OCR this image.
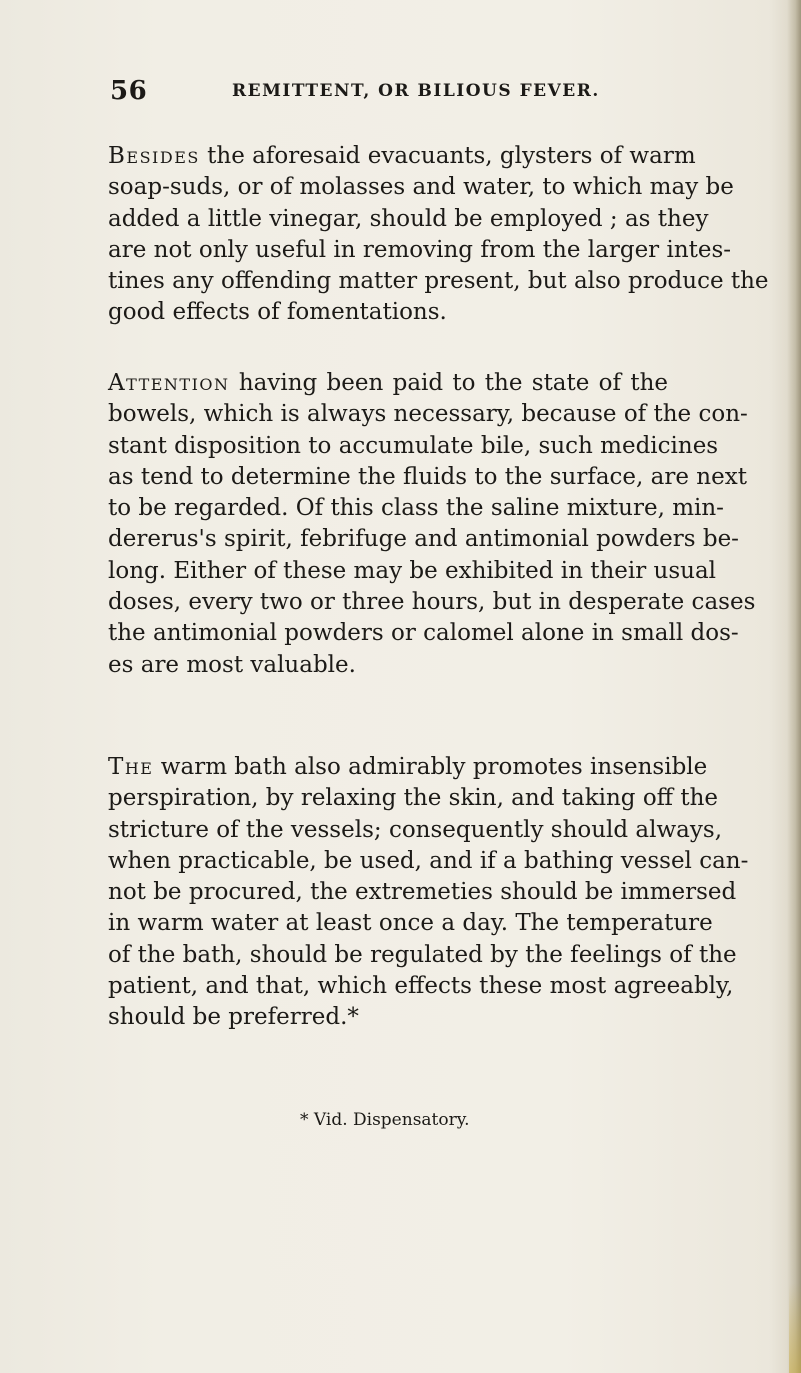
56	REMITTENT, OR BILIOUS FEVER.

Besides the aforesaid evacuants, glysters of warm
soap-suds, or of molasses and water, to which may be
added a little vinegar, should be employed ; as they
are not only useful in removing from the larger intes-
tines any offending matter present, but also produce the
good effects of fomentations.

Attention having been paid to the state of the
bowels, which is always necessary, because of the con-
stant disposition to accumulate bile, such medicines
as tend to determine the fluids to the surface, are next
to be regarded. Of this class the saline mixture, min-
dererus's spirit, febrifuge and antimonial powders be-
long. Either of these may be exhibited in their usual
doses, every two or three hours, but in desperate cases
the antimonial powders or calomel alone in small dos-
es are most valuable.

The warm bath also admirably promotes insensible
perspiration, by relaxing the skin, and taking off the
stricture of the vessels; consequently should always,
when practicable, be used, and if a bathing vessel can-
not be procured, the extremeties should be immersed
in warm water at least once a day. The temperature
of the bath, should be regulated by the feelings of the
patient, and that, which effects these most agreeably,
should be preferred.*

* Vid. Dispensatory.
